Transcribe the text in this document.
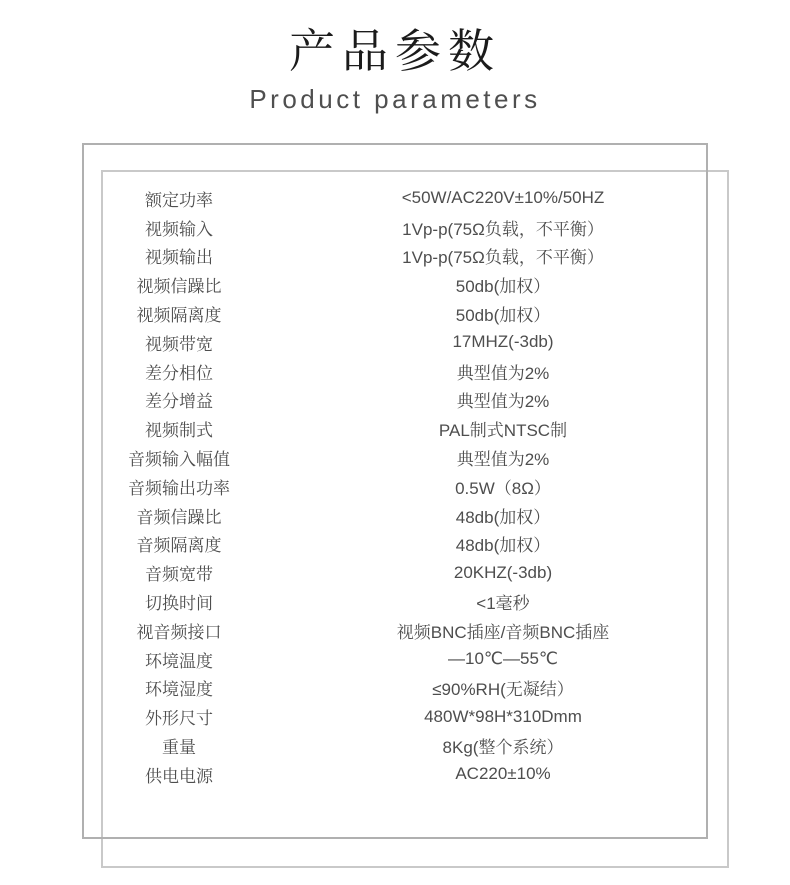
产品参数
Product parameters
额定功率	<50W/AC220V±10%/50HZ
视频输入	1Vp-p(75Ω负载，不平衡）
视频输出	1Vp-p(75Ω负载，不平衡）
视频信躁比	50db(加权）
视频隔离度	50db(加权）
视频带宽	17MHZ(-3db)
差分相位	典型值为2%
差分增益	典型值为2%
视频制式	PAL制式NTSC制
音频输入幅值	典型值为2%
音频输出功率	0.5W（8Ω）
音频信躁比	48db(加权）
音频隔离度	48db(加权）
音频宽带	20KHZ(-3db)
切换时间	<1毫秒
视音频接口	视频BNC插座/音频BNC插座
环境温度	—10℃—55℃
环境湿度	≤90%RH(无凝结）
外形尺寸	480W*98H*310Dmm
重量	8Kg(整个系统）
供电电源	AC220±10%
